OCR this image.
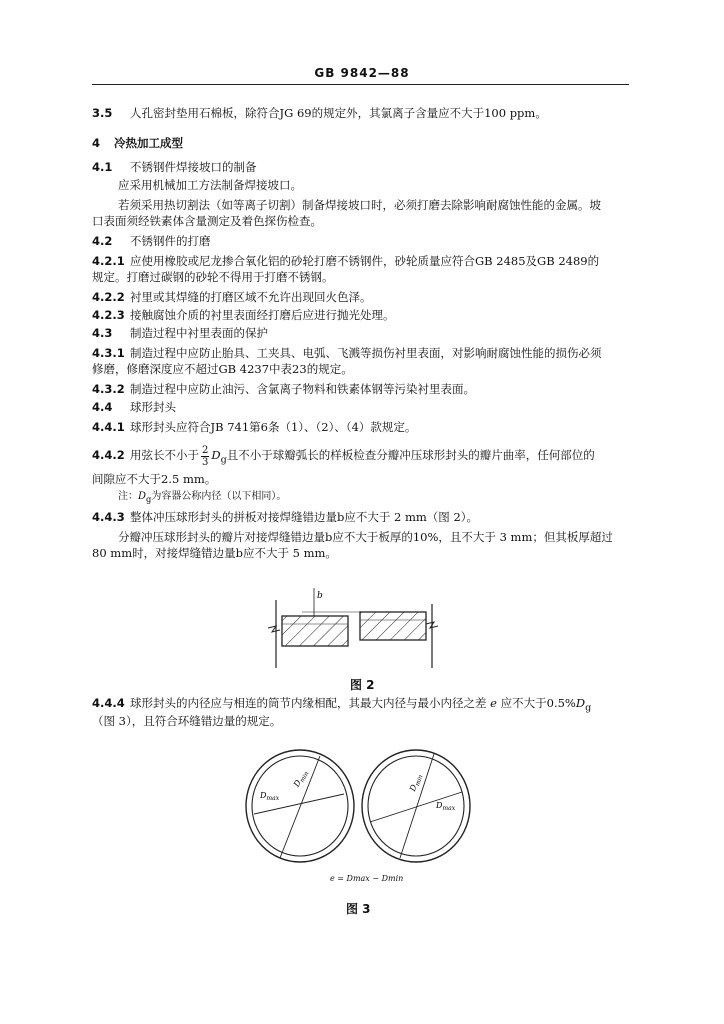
GB 9842—88
3.5 人孔密封垫用石棉板，除符合JG 69的规定外，其氯离子含量应不大于100 ppm。
4 冷热加工成型
4.1 不锈钢件焊接坡口的制备
应采用机械加工方法制备焊接坡口。
若须采用热切割法（如等离子切割）制备焊接坡口时，必须打磨去除影响耐腐蚀性能的金属。坡
口表面须经铁素体含量测定及着色探伤检查。
4.2 不锈钢件的打磨
4.2.1 应使用橡胶或尼龙掺合氧化铝的砂轮打磨不锈钢件，砂轮质量应符合GB 2485及GB 2489的
规定。打磨过碳钢的砂轮不得用于打磨不锈钢。
4.2.2 衬里或其焊缝的打磨区域不允许出现回火色泽。
4.2.3 接触腐蚀介质的衬里表面经打磨后应进行抛光处理。
4.3 制造过程中衬里表面的保护
4.3.1 制造过程中应防止胎具、工夹具、电弧、飞溅等损伤衬里表面，对影响耐腐蚀性能的损伤必须
修磨，修磨深度应不超过GB 4237中表23的规定。
4.3.2 制造过程中应防止油污、含氯离子物料和铁素体钢等污染衬里表面。
4.4 球形封头
4.4.1 球形封头应符合JB 741第6条（1）、（2）、（4）款规定。
4.4.2 用弦长不小于 $\frac{2}{3} D_g$且不小于球瓣弧长的样板检查分瓣冲压球形封头的瓣片曲率，任何部位的
间隙应不大于2.5 mm。
注：$D_g$为容器公称内径（以下相同）。
4.4.3 整体冲压球形封头的拼板对接焊缝错边量b应不大于 2 mm（图 2）。
分瓣冲压球形封头的瓣片对接焊缝错边量b应不大于板厚的10%，且不大于 3 mm；但其板厚超过
80 mm时，对接焊缝错边量b应不大于 5 mm。
b
图 2
4.4.4 球形封头的内径应与相连的筒节内缘相配，其最大内径与最小内径之差 e 应不大于$0.5\%D_g$
（图 3），且符合环缝错边量的规定。
$D_{max}$
$D_{min}$
$D_{max}$
$D_{min}$
e = Dmax − Dmin
图 3
